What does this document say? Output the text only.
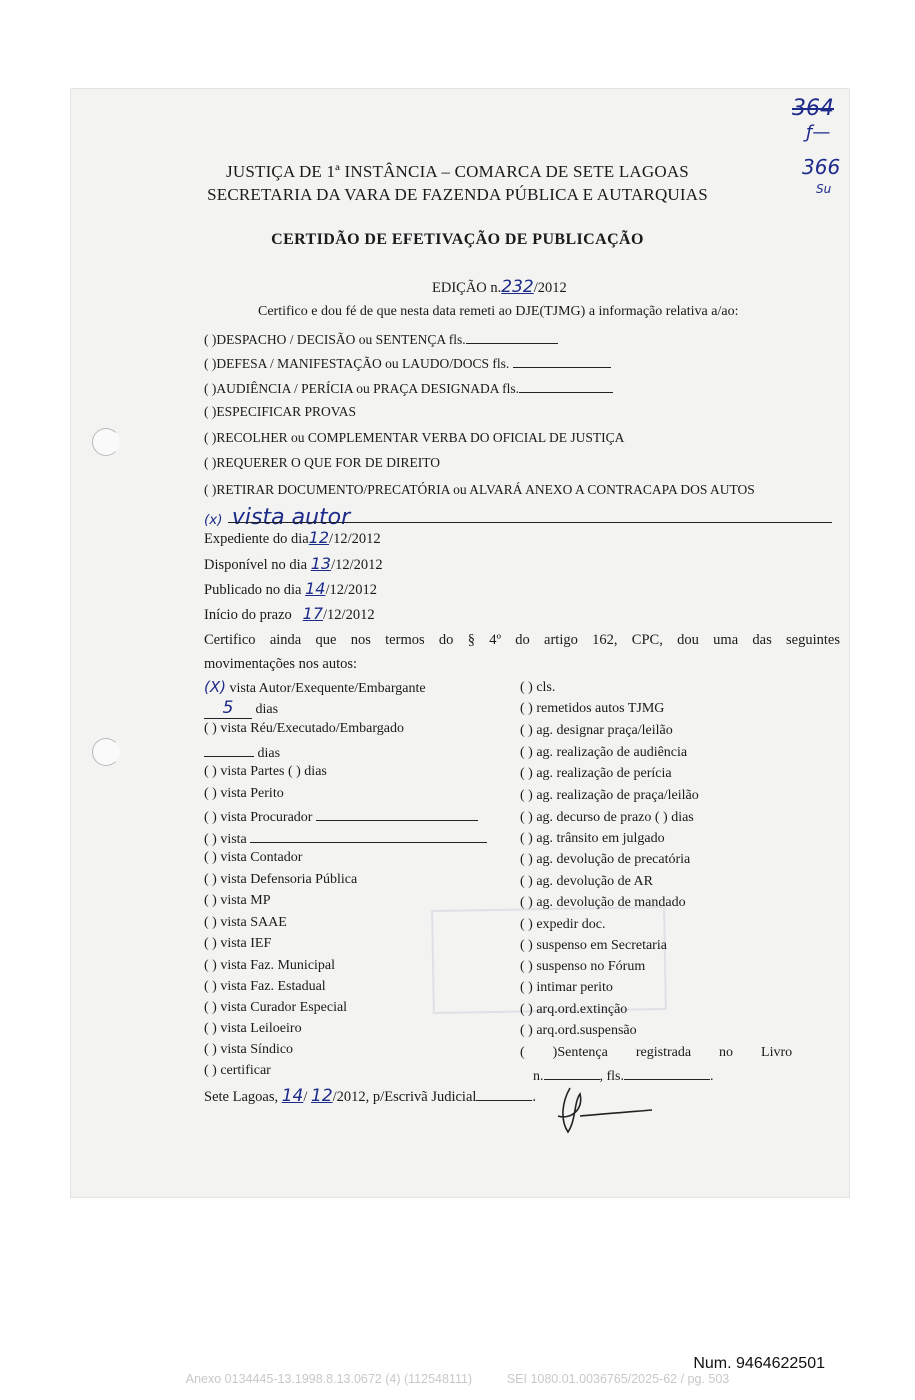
364
ƒ—
366
Su
JUSTIÇA DE 1ª INSTÂNCIA – COMARCA DE SETE LAGOAS
SECRETARIA DA VARA DE FAZENDA PÚBLICA E AUTARQUIAS
CERTIDÃO DE EFETIVAÇÃO DE PUBLICAÇÃO
EDIÇÃO n.232/2012
Certifico e dou fé de que nesta data remeti ao DJE(TJMG) a informação relativa a/ao:
( )DESPACHO / DECISÃO ou SENTENÇA fls.
( )DEFESA / MANIFESTAÇÃO ou LAUDO/DOCS fls.
( )AUDIÊNCIA / PERÍCIA ou PRAÇA DESIGNADA fls.
( )ESPECIFICAR PROVAS
( )RECOLHER ou COMPLEMENTAR VERBA DO OFICIAL DE JUSTIÇA
( )REQUERER O QUE FOR DE DIREITO
( )RETIRAR DOCUMENTO/PRECATÓRIA ou ALVARÁ ANEXO A CONTRACAPA DOS AUTOS
(x) vista autor
Expediente do dia12/12/2012
Disponível no dia 13/12/2012
Publicado no dia 14/12/2012
Início do prazo 17/12/2012
Certifico ainda que nos termos do § 4º do artigo 162, CPC, dou uma das seguintes
movimentações nos autos:
(X) vista Autor/Exequente/Embargante
5 dias
( ) vista Réu/Executado/Embargado
dias
( ) vista Partes ( ) dias
( ) vista Perito
( ) vista Procurador
( ) vista
( ) vista Contador
( ) vista Defensoria Pública
( ) vista MP
( ) vista SAAE
( ) vista IEF
( ) vista Faz. Municipal
( ) vista Faz. Estadual
( ) vista Curador Especial
( ) vista Leiloeiro
( ) vista Síndico
( ) certificar
( ) cls.
( ) remetidos autos TJMG
( ) ag. designar praça/leilão
( ) ag. realização de audiência
( ) ag. realização de perícia
( ) ag. realização de praça/leilão
( ) ag. decurso de prazo ( ) dias
( ) ag. trânsito em julgado
( ) ag. devolução de precatória
( ) ag. devolução de AR
( ) ag. devolução de mandado
( ) expedir doc.
( ) suspenso em Secretaria
( ) suspenso no Fórum
( ) intimar perito
( ) arq.ord.extinção
( ) arq.ord.suspensão
(        )Sentença        registrada        no        Livro
n.	, fls.	.
Sete Lagoas, 14/ 12/2012, p/Escrivã Judicial	.
Num. 9464622501
Anexo 0134445-13.1998.8.13.0672 (4) (112548111)          SEI 1080.01.0036765/2025-62 / pg. 503
